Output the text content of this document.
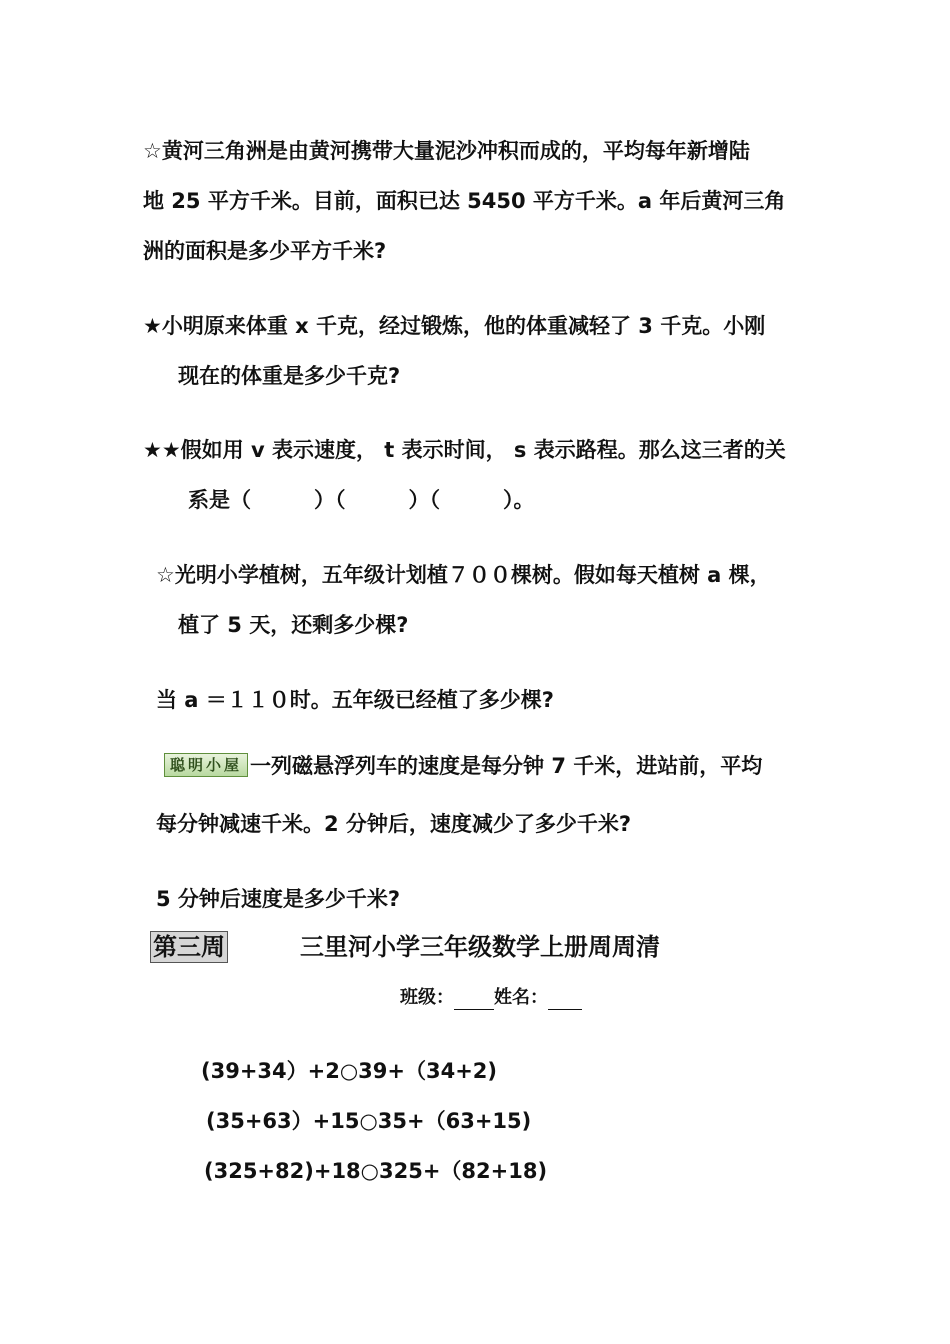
☆黄河三角洲是由黄河携带大量泥沙冲积而成的，平均每年新增陆
地 25 平方千米。目前，面积已达 5450 平方千米。a 年后黄河三角
洲的面积是多少平方千米?
★小明原来体重 x 千克，经过锻炼，他的体重减轻了 3 千克。小刚
现在的体重是多少千克?
★★假如用 v 表示速度， t 表示时间， s 表示路程。那么这三者的关
系是（　　　）（　　　）（　　　）。
☆光明小学植树，五年级计划植７００棵树。假如每天植树 a 棵，
植了 5 天，还剩多少棵?
当 a ＝１１０时。五年级已经植了多少棵?
聪明小屋 一列磁悬浮列车的速度是每分钟 7 千米，进站前，平均
每分钟减速千米。2 分钟后，速度减少了多少千米?
5 分钟后速度是多少千米?
第三周	三里河小学三年级数学上册周周清
班级： 姓名：
(39+34）+2○39+（34+2)
(35+63）+15○35+（63+15)
(325+82)+18○325+（82+18)
